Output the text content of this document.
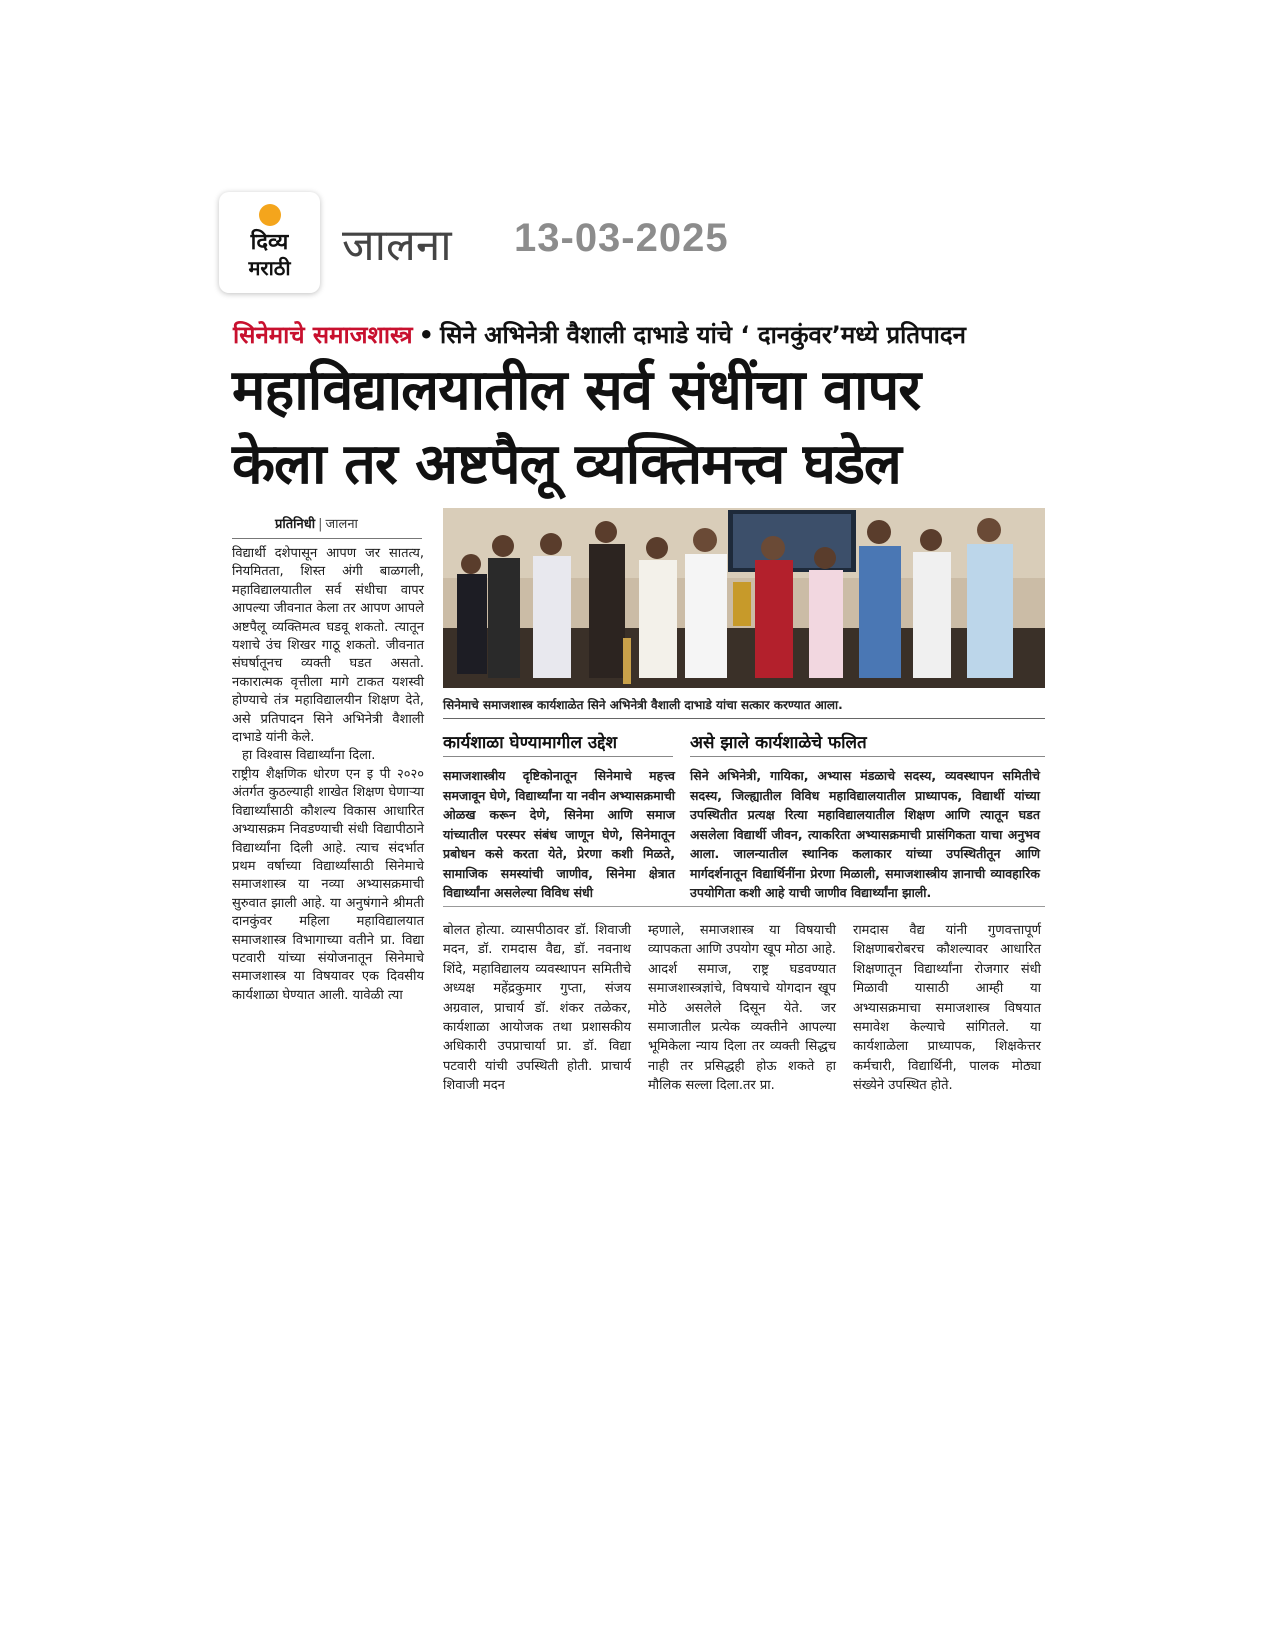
दिव्य
मराठी	जालना 13-03-2025
सिनेमाचे समाजशास्त्र • सिने अभिनेत्री वैशाली दाभाडे यांचे ‘ दानकुंवर’मध्ये प्रतिपादन
महाविद्यालयातील सर्व संधींचा वापर
केला तर अष्टपैलू व्यक्तिमत्त्व घडेल
प्रतिनिधी | जालना

विद्यार्थी दशेपासून आपण जर सातत्य, नियमितता, शिस्त अंगी बाळगली, महाविद्यालयातील सर्व संधीचा वापर आपल्या जीवनात केला तर आपण आपले अष्टपैलू व्यक्तिमत्व घडवू शकतो. त्यातून यशाचे उंच शिखर गाठू शकतो. जीवनात संघर्षातूनच व्यक्ती घडत असतो. नकारात्मक वृत्तीला मागे टाकत यशस्वी होण्याचे तंत्र महाविद्यालयीन शिक्षण देते, असे प्रतिपादन सिने अभिनेत्री वैशाली दाभाडे यांनी केले.

हा विश्वास विद्यार्थ्यांना दिला.

राष्ट्रीय शैक्षणिक धोरण एन इ पी २०२० अंतर्गत कुठल्याही शाखेत शिक्षण घेणाऱ्या विद्यार्थ्यांसाठी कौशल्य विकास आधारित अभ्यासक्रम निवडण्याची संधी विद्यापीठाने विद्यार्थ्यांना दिली आहे. त्याच संदर्भात प्रथम वर्षाच्या विद्यार्थ्यांसाठी सिनेमाचे समाजशास्त्र या नव्या अभ्यासक्रमाची सुरुवात झाली आहे. या अनुषंगाने श्रीमती दानकुंवर महिला महाविद्यालयात समाजशास्त्र विभागाच्या वतीने प्रा. विद्या पटवारी यांच्या संयोजनातून सिनेमाचे समाजशास्त्र या विषयावर एक दिवसीय कार्यशाळा घेण्यात आली. यावेळी त्या

सिनेमाचे समाजशास्त्र कार्यशाळेत सिने अभिनेत्री वैशाली दाभाडे यांचा सत्कार करण्यात आला.
कार्यशाळा घेण्यामागील उद्देश

समाजशास्त्रीय दृष्टिकोनातून सिनेमाचे महत्त्व समजावून घेणे, विद्यार्थ्यांना या नवीन अभ्यासक्रमाची ओळख करून देणे, सिनेमा आणि समाज यांच्यातील परस्पर संबंध जाणून घेणे, सिनेमातून प्रबोधन कसे करता येते, प्रेरणा कशी मिळते, सामाजिक समस्यांची जाणीव, सिनेमा क्षेत्रात विद्यार्थ्यांना असलेल्या विविध संधी

असे झाले कार्यशाळेचे फलित

सिने अभिनेत्री, गायिका, अभ्यास मंडळाचे सदस्य, व्यवस्थापन समितीचे सदस्य, जिल्ह्यातील विविध महाविद्यालयातील प्राध्यापक, विद्यार्थी यांच्या उपस्थितीत प्रत्यक्ष रित्या महाविद्यालयातील शिक्षण आणि त्यातून घडत असलेला विद्यार्थी जीवन, त्याकरिता अभ्यासक्रमाची प्रासंगिकता याचा अनुभव आला. जालन्यातील स्थानिक कलाकार यांच्या उपस्थितीतून आणि मार्गदर्शनातून विद्यार्थिनींना प्रेरणा मिळाली, समाजशास्त्रीय ज्ञानाची व्यावहारिक उपयोगिता कशी आहे याची जाणीव विद्यार्थ्यांना झाली.

बोलत होत्या. व्यासपीठावर डॉ. शिवाजी मदन, डॉ. रामदास वैद्य, डॉ. नवनाथ शिंदे, महाविद्यालय व्यवस्थापन समितीचे अध्यक्ष महेंद्रकुमार गुप्ता, संजय अग्रवाल, प्राचार्य डॉ. शंकर तळेकर, कार्यशाळा आयोजक तथा प्रशासकीय अधिकारी उपप्राचार्या प्रा. डॉ. विद्या पटवारी यांची उपस्थिती होती. प्राचार्य शिवाजी मदन

म्हणाले, समाजशास्त्र या विषयाची व्यापकता आणि उपयोग खूप मोठा आहे. आदर्श समाज, राष्ट्र घडवण्यात समाजशास्त्रज्ञांचे, विषयाचे योगदान खूप मोठे असलेले दिसून येते. जर समाजातील प्रत्येक व्यक्तीने आपल्या भूमिकेला न्याय दिला तर व्यक्ती सिद्धच नाही तर प्रसिद्धही होऊ शकते हा मौलिक सल्ला दिला.तर प्रा.

रामदास वैद्य यांनी गुणवत्तापूर्ण शिक्षणाबरोबरच कौशल्यावर आधारित शिक्षणातून विद्यार्थ्यांना रोजगार संधी मिळावी यासाठी आम्ही या अभ्यासक्रमाचा समाजशास्त्र विषयात समावेश केल्याचे सांगितले. या कार्यशाळेला प्राध्यापक, शिक्षकेत्तर कर्मचारी, विद्यार्थिनी, पालक मोठ्या संख्येने उपस्थित होते.
